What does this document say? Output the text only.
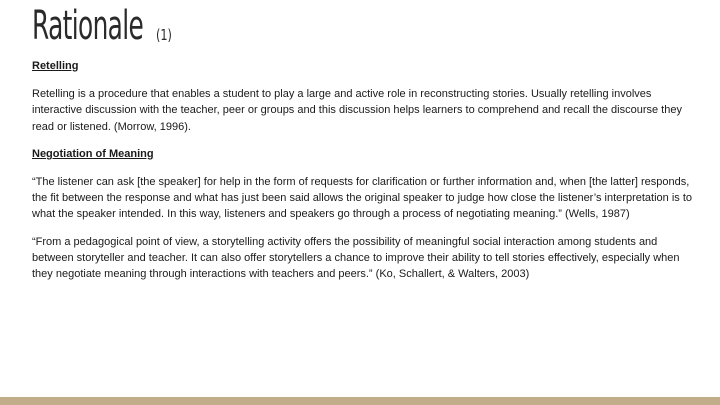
Rationale (1)
Retelling
Retelling is a procedure that enables a student to play a large and active role in reconstructing stories. Usually retelling involves interactive discussion with the teacher, peer or groups and this discussion helps learners to comprehend and recall the discourse they read or listened. (Morrow, 1996).
Negotiation of Meaning
“The listener can ask [the speaker] for help in the form of requests for clarification or further information and, when [the latter] responds, the fit between the response and what has just been said allows the original speaker to judge how close the listener’s interpretation is to what the speaker intended. In this way, listeners and speakers go through a process of negotiating meaning.” (Wells, 1987)
“From a pedagogical point of view, a storytelling activity offers the possibility of meaningful social interaction among students and between storyteller and teacher. It can also offer storytellers a chance to improve their ability to tell stories effectively, especially when they negotiate meaning through interactions with teachers and peers.” (Ko, Schallert, & Walters, 2003)
